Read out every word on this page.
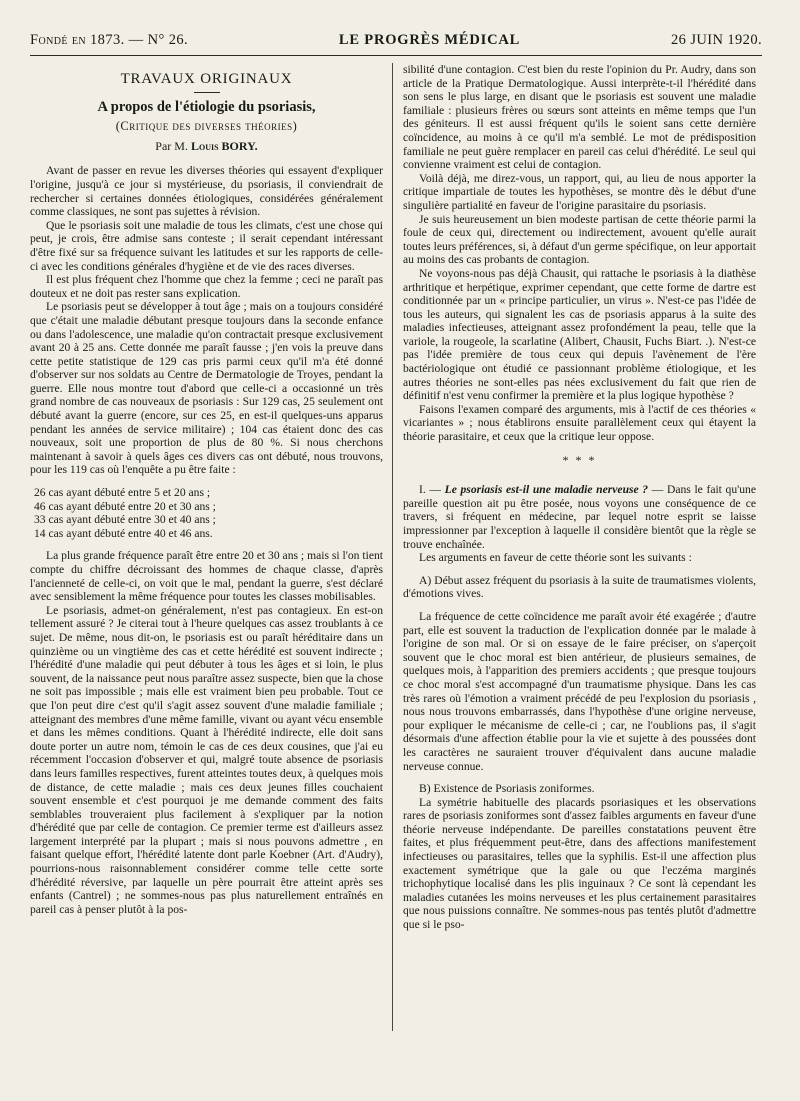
Fondé en 1873. — N° 26.	LE PROGRÈS MÉDICAL	26 JUIN 1920.
TRAVAUX ORIGINAUX
A propos de l'étiologie du psoriasis,
(Critique des diverses théories)
Par M. Louis BORY.

Avant de passer en revue les diverses théories qui essayent d'expliquer l'origine, jusqu'à ce jour si mystérieuse, du psoriasis, il conviendrait de rechercher si certaines données étiologiques, considérées généralement comme classiques, ne sont pas sujettes à révision.

Que le psoriasis soit une maladie de tous les climats, c'est une chose qui peut, je crois, être admise sans conteste ; il serait cependant intéressant d'être fixé sur sa fréquence suivant les latitudes et sur les rapports de celle-ci avec les conditions générales d'hygiène et de vie des races diverses.

Il est plus fréquent chez l'homme que chez la femme ; ceci ne paraît pas douteux et ne doit pas rester sans explication.

Le psoriasis peut se développer à tout âge ; mais on a toujours considéré que c'était une maladie débutant presque toujours dans la seconde enfance ou dans l'adolescence, une maladie qu'on contractait presque exclusivement avant 20 à 25 ans. Cette donnée me paraît fausse ; j'en vois la preuve dans cette petite statistique de 129 cas pris parmi ceux qu'il m'a été donné d'observer sur nos soldats au Centre de Dermatologie de Troyes, pendant la guerre. Elle nous montre tout d'abord que celle-ci a occasionné un très grand nombre de cas nouveaux de psoriasis : Sur 129 cas, 25 seulement ont débuté avant la guerre (encore, sur ces 25, en est-il quelques-uns apparus pendant les années de service militaire) ; 104 cas étaient donc des cas nouveaux, soit une proportion de plus de 80 %. Si nous cherchons maintenant à savoir à quels âges ces divers cas ont débuté, nous trouvons, pour les 119 cas où l'enquête a pu être faite :

26 cas ayant débuté entre 5 et 20 ans ;
46 cas ayant débuté entre 20 et 30 ans ;
33 cas ayant débuté entre 30 et 40 ans ;
14 cas ayant débuté entre 40 et 46 ans.

La plus grande fréquence paraît être entre 20 et 30 ans ; mais si l'on tient compte du chiffre décroissant des hommes de chaque classe, d'après l'ancienneté de celle-ci, on voit que le mal, pendant la guerre, s'est déclaré avec sensiblement la même fréquence pour toutes les classes mobilisables.

Le psoriasis, admet-on généralement, n'est pas contagieux. En est-on tellement assuré ? Je citerai tout à l'heure quelques cas assez troublants à ce sujet. De même, nous dit-on, le psoriasis est ou paraît héréditaire dans un quinzième ou un vingtième des cas et cette hérédité est souvent indirecte ; l'hérédité d'une maladie qui peut débuter à tous les âges et si loin, le plus souvent, de la naissance peut nous paraître assez suspecte, bien que la chose ne soit pas impossible ; mais elle est vraiment bien peu probable. Tout ce que l'on peut dire c'est qu'il s'agit assez souvent d'une maladie familiale ; atteignant des membres d'une même famille, vivant ou ayant vécu ensemble et dans les mêmes conditions. Quant à l'hérédité indirecte, elle doit sans doute porter un autre nom, témoin le cas de ces deux cousines, que j'ai eu récemment l'occasion d'observer et qui, malgré toute absence de psoriasis dans leurs familles respectives, furent atteintes toutes deux, à quelques mois de distance, de cette maladie ; mais ces deux jeunes filles couchaient souvent ensemble et c'est pourquoi je me demande comment des faits semblables trouveraient plus facilement à s'expliquer par la notion d'hérédité que par celle de contagion. Ce premier terme est d'ailleurs assez largement interprété par la plupart ; mais si nous pouvons admettre , en faisant quelque effort, l'hérédité latente dont parle Koebner (Art. d'Audry), pourrions-nous raisonnablement considérer comme telle cette sorte d'hérédité réversive, par laquelle un père pourrait être atteint après ses enfants (Cantrel) ; ne sommes-nous pas plus naturellement entraînés en pareil cas à penser plutôt à la pos-

sibilité d'une contagion. C'est bien du reste l'opinion du Pr. Audry, dans son article de la Pratique Dermatologique. Aussi interprète-t-il l'hérédité dans son sens le plus large, en disant que le psoriasis est souvent une maladie familiale : plusieurs frères ou sœurs sont atteints en même temps que l'un des géniteurs. Il est aussi fréquent qu'ils le soient sans cette dernière coïncidence, au moins à ce qu'il m'a semblé. Le mot de prédisposition familiale ne peut guère remplacer en pareil cas celui d'hérédité. Le seul qui convienne vraiment est celui de contagion.

Voilà déjà, me direz-vous, un rapport, qui, au lieu de nous apporter la critique impartiale de toutes les hypothèses, se montre dès le début d'une singulière partialité en faveur de l'origine parasitaire du psoriasis.

Je suis heureusement un bien modeste partisan de cette théorie parmi la foule de ceux qui, directement ou indirectement, avouent qu'elle aurait toutes leurs préférences, si, à défaut d'un germe spécifique, on leur apportait au moins des cas probants de contagion.

Ne voyons-nous pas déjà Chausit, qui rattache le psoriasis à la diathèse arthritique et herpétique, exprimer cependant, que cette forme de dartre est conditionnée par un « principe particulier, un virus ». N'est-ce pas l'idée de tous les auteurs, qui signalent les cas de psoriasis apparus à la suite des maladies infectieuses, atteignant assez profondément la peau, telle que la variole, la rougeole, la scarlatine (Alibert, Chausit, Fuchs Biart. .). N'est-ce pas l'idée première de tous ceux qui depuis l'avènement de l'ère bactériologique ont étudié ce passionnant problème étiologique, et les autres théories ne sont-elles pas nées exclusivement du fait que rien de définitif n'est venu confirmer la première et la plus logique hypothèse ?

Faisons l'examen comparé des arguments, mis à l'actif de ces théories « vicariantes » ; nous établirons ensuite parallèlement ceux qui étayent la théorie parasitaire, et ceux que la critique leur oppose.

* * *

I. — Le psoriasis est-il une maladie nerveuse ? — Dans le fait qu'une pareille question ait pu être posée, nous voyons une conséquence de ce travers, si fréquent en médecine, par lequel notre esprit se laisse impressionner par l'exception à laquelle il considère bientôt que la règle se trouve enchaînée.

Les arguments en faveur de cette théorie sont les suivants :

A) Début assez fréquent du psoriasis à la suite de traumatismes violents, d'émotions vives.

La fréquence de cette coïncidence me paraît avoir été exagérée ; d'autre part, elle est souvent la traduction de l'explication donnée par le malade à l'origine de son mal. Or si on essaye de le faire préciser, on s'aperçoit souvent que le choc moral est bien antérieur, de plusieurs semaines, de quelques mois, à l'apparition des premiers accidents ; que presque toujours ce choc moral s'est accompagné d'un traumatisme physique. Dans les cas très rares où l'émotion a vraiment précédé de peu l'explosion du psoriasis , nous nous trouvons embarrassés, dans l'hypothèse d'une origine nerveuse, pour expliquer le mécanisme de celle-ci ; car, ne l'oublions pas, il s'agit désormais d'une affection établie pour la vie et sujette à des poussées dont les caractères ne sauraient trouver d'équivalent dans aucune maladie nerveuse connue.

B) Existence de Psoriasis zoniformes.

La symétrie habituelle des placards psoriasiques et les observations rares de psoriasis zoniformes sont d'assez faibles arguments en faveur d'une théorie nerveuse indépendante. De pareilles constatations peuvent être faites, et plus fréquemment peut-être, dans des affections manifestement infectieuses ou parasitaires, telles que la syphilis. Est-il une affection plus exactement symétrique que la gale ou que l'eczéma marginés trichophytique localisé dans les plis inguinaux ? Ce sont là cependant les maladies cutanées les moins nerveuses et les plus certainement parasitaires que nous puissions connaître. Ne sommes-nous pas tentés plutôt d'admettre que si le pso-
